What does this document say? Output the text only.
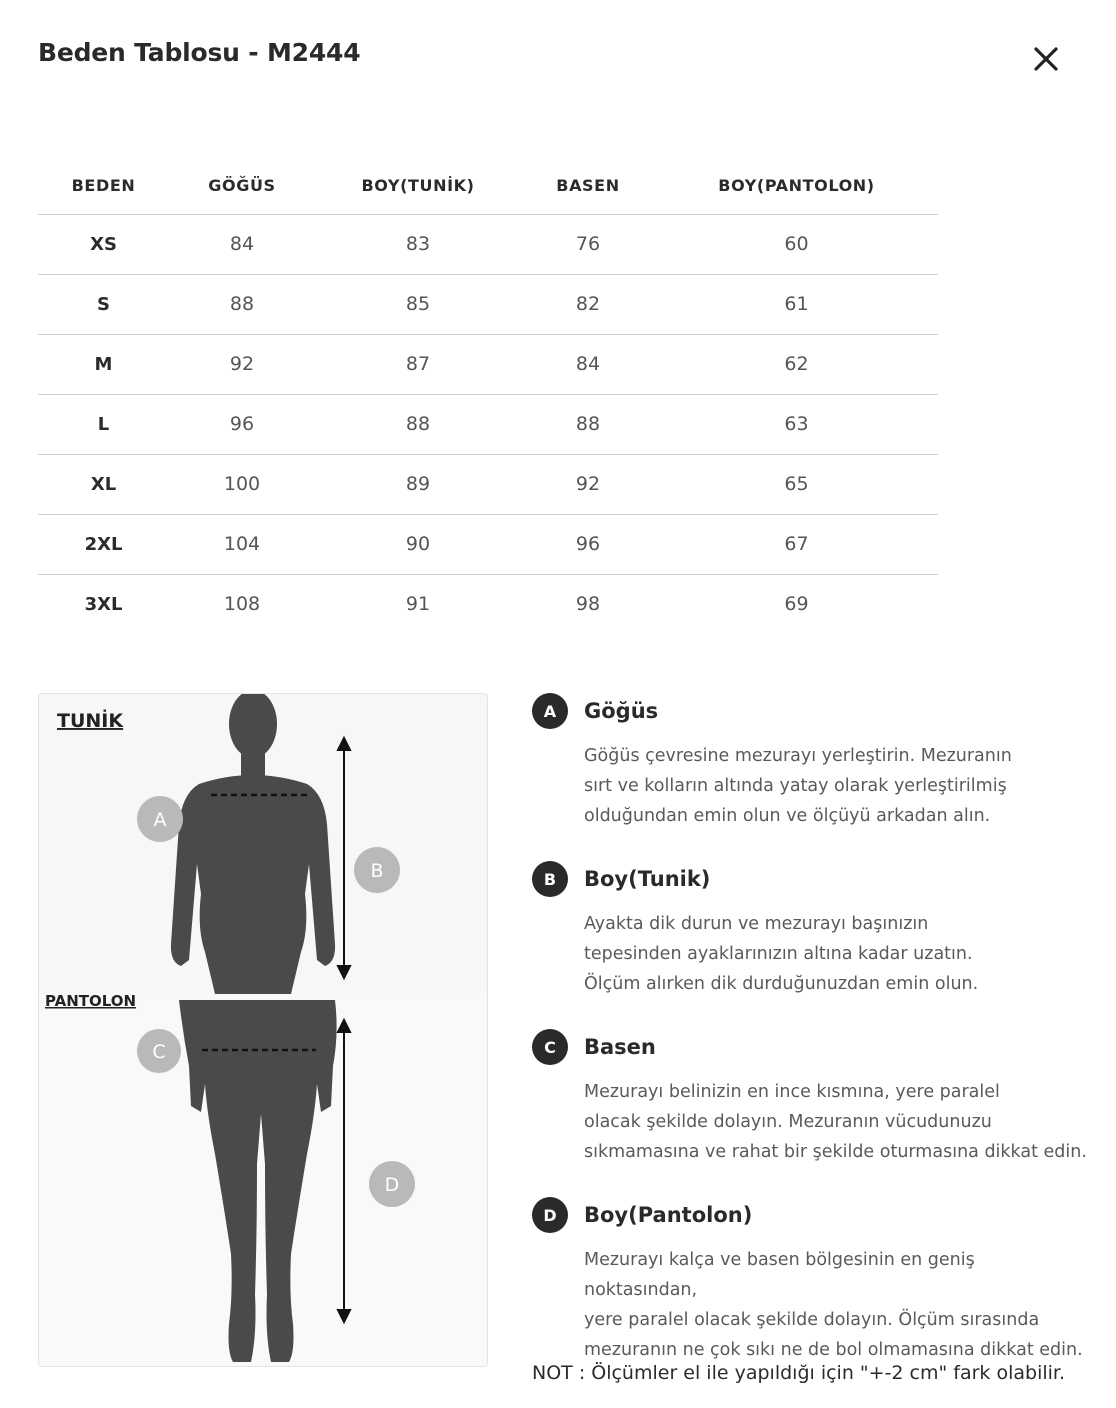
Beden Tablosu - M2444
BEDEN	GÖĞÜS	BOY(TUNİK)	BASEN	BOY(PANTOLON)
XS	84	83	76	60
S	88	85	82	61
M	92	87	84	62
L	96	88	88	63
XL	100	89	92	65
2XL	104	90	96	67
3XL	108	91	98	69
TUNİK
A
B
PANTOLON
C
D
A	Göğüs
Göğüs çevresine mezurayı yerleştirin. Mezuranın
sırt ve kolların altında yatay olarak yerleştirilmiş
olduğundan emin olun ve ölçüyü arkadan alın.
B	Boy(Tunik)
Ayakta dik durun ve mezurayı başınızın
tepesinden ayaklarınızın altına kadar uzatın.
Ölçüm alırken dik durduğunuzdan emin olun.
C	Basen
Mezurayı belinizin en ince kısmına, yere paralel
olacak şekilde dolayın. Mezuranın vücudunuzu
sıkmamasına ve rahat bir şekilde oturmasına dikkat edin.
D	Boy(Pantolon)
Mezurayı kalça ve basen bölgesinin en geniş noktasından,
yere paralel olacak şekilde dolayın. Ölçüm sırasında
mezuranın ne çok sıkı ne de bol olmamasına dikkat edin.
NOT : Ölçümler el ile yapıldığı için "+-2 cm" fark olabilir.
